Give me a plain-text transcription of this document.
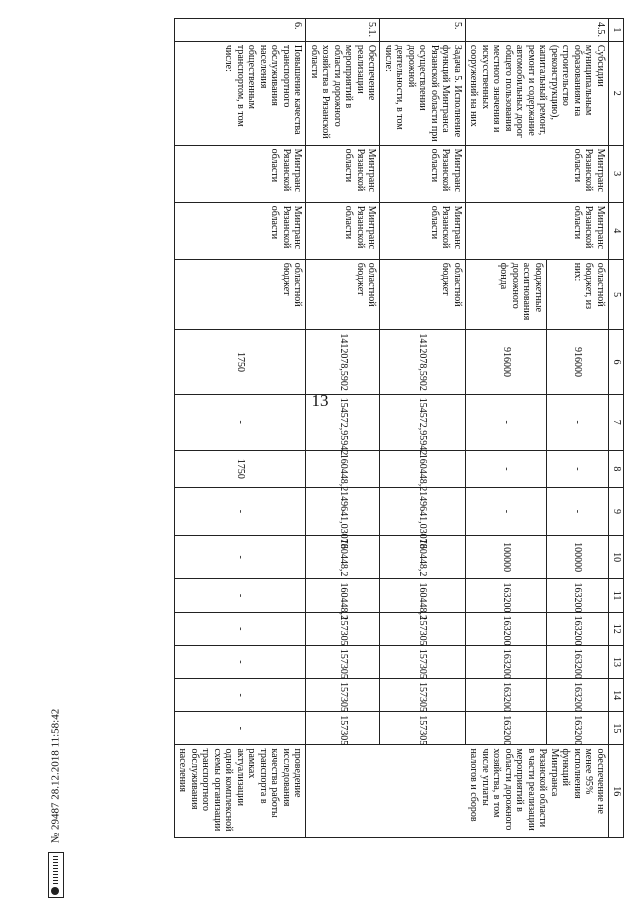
13
1	2	3	4	5	6	7	8	9	10	11	12	13	14	15	16
4.5.	Субсидии муниципальным образованиям на строительство (реконструкцию), капитальный ремонт, ремонт и содержание автомобильных дорог общего пользования местного значения и искусственных сооружений на них	Минтранс Рязанской области	Минтранс Рязанской области	областной бюджет, из них:	916000	-	-	-	100000	163200	163200	163200	163200	163200	обеспечение не менее 95% исполнения функций Минтранса Рязанской области в части реализации мероприятий в области дорожного хозяйства, в том числе уплаты налогов и сборов
				бюджетные ассигнования дорожного фонда	916000	-	-	-	100000	163200	163200	163200	163200	163200	
5.	Задача 5. Исполнение функций Минтранса Рязанской области при осуществлении дорожной деятельности, в том числе:	Минтранс Рязанской области	Минтранс Рязанской области	областной бюджет	1412078,5902	154572,95942	160448,2	149641,03078	160448,2	160448,2	157305	157305	157305	157305	
5.1.	Обеспечение реализации мероприятий в области дорожного хозяйства в Рязанской области	Минтранс Рязанской области	Минтранс Рязанской области	областной бюджет	1412078,5902	154572,95942	160448,2	149641,03078	160448,2	160448,2	157305	157305	157305	157305	
6.	Повышение качества транспортного обслуживания населения общественным транспортом, в том числе:	Минтранс Рязанской области	Минтранс Рязанской области	областной бюджет	1750	-	1750	-	-	-	-	-	-	-	проведение исследования качества работы транспорта в рамках актуализации одной комплексной схемы организации транспортного обслуживания населения
№ 29487 28.12.2018 11:58:42
